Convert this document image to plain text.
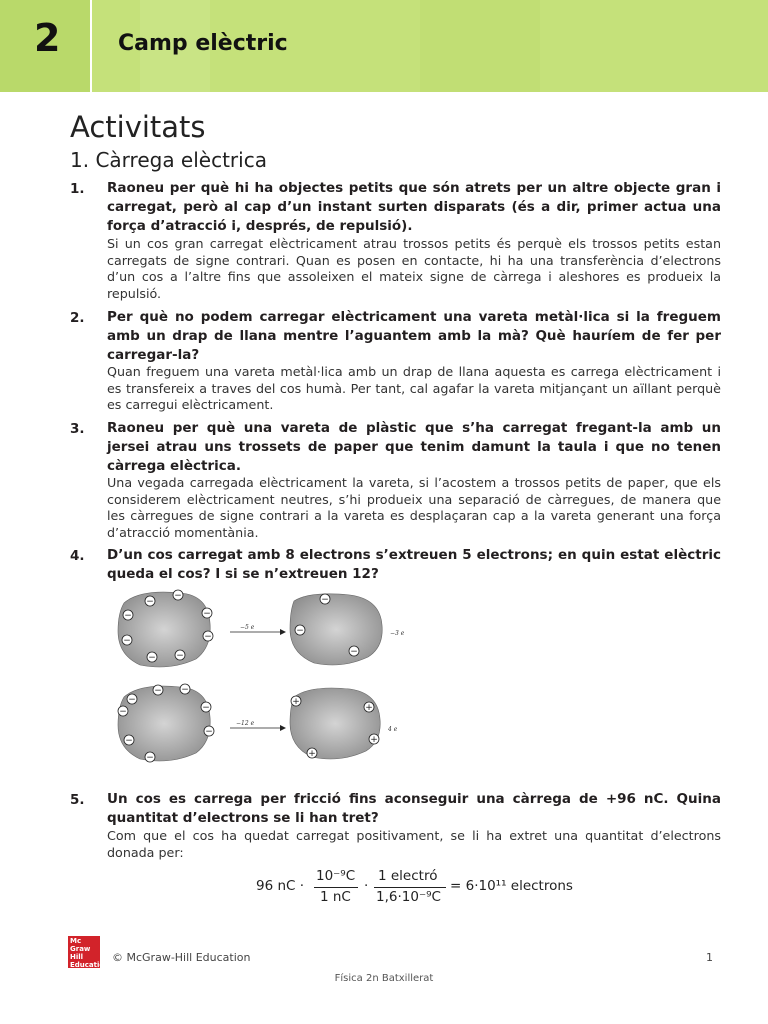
2	Camp elèctric
Activitats
1. Càrrega elèctrica
1. Raoneu per què hi ha objectes petits que són atrets per un altre objecte gran i carregat, però al cap d’un instant surten disparats (és a dir, primer actua una força d’atracció i, després, de repulsió).
Si un cos gran carregat elèctricament atrau trossos petits és perquè els trossos petits estan carregats de signe contrari. Quan es posen en contacte, hi ha una transferència d’electrons d’un cos a l’altre fins que assoleixen el mateix signe de càrrega i aleshores es produeix la repulsió.
2. Per què no podem carregar elèctricament una vareta metàl·lica si la freguem amb un drap de llana mentre l’aguantem amb la mà? Què hauríem de fer per carregar-la?
Quan freguem una vareta metàl·lica amb un drap de llana aquesta es carrega elèctricament i es transfereix a traves del cos humà. Per tant, cal agafar la vareta mitjançant un aïllant perquè es carregui elèctricament.
3. Raoneu per què una vareta de plàstic que s’ha carregat fregant-la amb un jersei atrau uns trossets de paper que tenim damunt la taula i que no tenen càrrega elèctrica.
Una vegada carregada elèctricament la vareta, si l’acostem a trossos petits de paper, que els considerem elèctricament neutres, s’hi produeix una separació de càrregues, de manera que les càrregues de signe contrari a la vareta es desplaçaran cap a la vareta generant una força d’atracció momentània.
4. D’un cos carregat amb 8 electrons s’extreuen 5 electrons; en quin estat elèctric queda el cos? I si se n’extreuen 12?
−
−
−
−
−	−
− −
−5 e
−
−
−
−3 e
−
− −
−
−
−
−
−
−12 e
+
+
+
+
4 e
5. Un cos es carrega per fricció fins aconseguir una càrrega de +96 nC. Quina quantitat d’electrons se li han tret?
Com que el cos ha quedat carregat positivament, se li ha extret una quantitat d’electrons donada per:
96 nC ·
10⁻⁹C
1 nC
·
1 electró
1,6·10⁻⁹C
= 6·10¹¹ electrons
Mc Graw Hill Education
© McGraw-Hill Education	1
Física 2n Batxillerat
